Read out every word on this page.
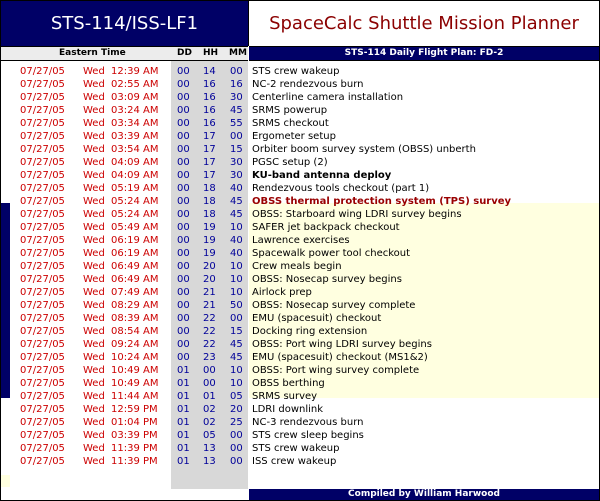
STS-114/ISS-LF1	SpaceCalc Shuttle Mission Planner
Eastern Time	DD HH MM	STS-114 Daily Flight Plan: FD-2
07/27/05 Wed 12:39 AM 00 14 00 STS crew wakeup
07/27/05 Wed 02:55 AM 00 16 16 NC-2 rendezvous burn
07/27/05 Wed 03:09 AM 00 16 30 Centerline camera installation
07/27/05 Wed 03:24 AM 00 16 45 SRMS powerup
07/27/05 Wed 03:34 AM 00 16 55 SRMS checkout
07/27/05 Wed 03:39 AM 00 17 00 Ergometer setup
07/27/05 Wed 03:54 AM 00 17 15 Orbiter boom survey system (OBSS) unberth
07/27/05 Wed 04:09 AM 00 17 30 PGSC setup (2)
07/27/05 Wed 04:09 AM 00 17 30 KU-band antenna deploy
07/27/05 Wed 05:19 AM 00 18 40 Rendezvous tools checkout (part 1)
07/27/05 Wed 05:24 AM 00 18 45 OBSS thermal protection system (TPS) survey
07/27/05 Wed 05:24 AM 00 18 45 OBSS: Starboard wing LDRI survey begins
07/27/05 Wed 05:49 AM 00 19 10 SAFER jet backpack checkout
07/27/05 Wed 06:19 AM 00 19 40 Lawrence exercises
07/27/05 Wed 06:19 AM 00 19 40 Spacewalk power tool checkout
07/27/05 Wed 06:49 AM 00 20 10 Crew meals begin
07/27/05 Wed 06:49 AM 00 20 10 OBSS: Nosecap survey begins
07/27/05 Wed 07:49 AM 00 21 10 Airlock prep
07/27/05 Wed 08:29 AM 00 21 50 OBSS: Nosecap survey complete
07/27/05 Wed 08:39 AM 00 22 00 EMU (spacesuit) checkout
07/27/05 Wed 08:54 AM 00 22 15 Docking ring extension
07/27/05 Wed 09:24 AM 00 22 45 OBSS: Port wing LDRI survey begins
07/27/05 Wed 10:24 AM 00 23 45 EMU (spacesuit) checkout (MS1&2)
07/27/05 Wed 10:49 AM 01 00 10 OBSS: Port wing survey complete
07/27/05 Wed 10:49 AM 01 00 10 OBSS berthing
07/27/05 Wed 11:44 AM 01 01 05 SRMS survey
07/27/05 Wed 12:59 PM 01 02 20 LDRI downlink
07/27/05 Wed 01:04 PM 01 02 25 NC-3 rendezvous burn
07/27/05 Wed 03:39 PM 01 05 00 STS crew sleep begins
07/27/05 Wed 11:39 PM 01 13 00 STS crew wakeup
07/27/05 Wed 11:39 PM 01 13 00 ISS crew wakeup
Compiled by William Harwood
